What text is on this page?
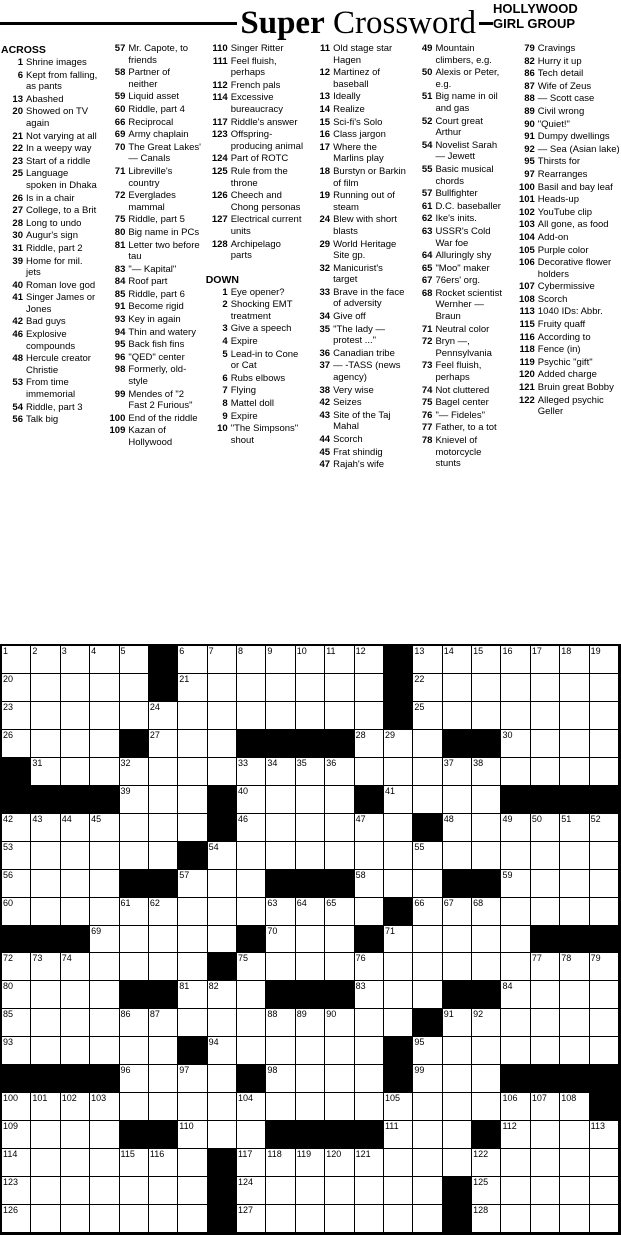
Super Crossword HOLLYWOOD
GIRL GROUP
ACROSS
1 Shrine images
6 Kept from falling, as pants
13 Abashed
20 Showed on TV again
21 Not varying at all
22 In a weepy way
23 Start of a riddle
25 Language spoken in Dhaka
26 Is in a chair
27 College, to a Brit
28 Long to undo
30 Augur's sign
31 Riddle, part 2
39 Home for mil. jets
40 Roman love god
41 Singer James or Jones
42 Bad guys
46 Explosive compounds
48 Hercule creator Christie
53 From time immemorial
54 Riddle, part 3
56 Talk big
57 Mr. Capote, to friends
58 Partner of neither
59 Liquid asset
60 Riddle, part 4
66 Reciprocal
69 Army chaplain
70 The Great Lakes' — Canals
71 Libreville's country
72 Everglades mammal
75 Riddle, part 5
80 Big name in PCs
81 Letter two before tau
83 "— Kapital"
84 Roof part
85 Riddle, part 6
91 Become rigid
93 Key in again
94 Thin and watery
95 Back fish fins
96 "QED" center
98 Formerly, old-style
99 Mendes of "2 Fast 2 Furious"
100 End of the riddle
109 Kazan of Hollywood
110 Singer Ritter
111 Feel fluish, perhaps
112 French pals
114 Excessive bureaucracy
117 Riddle's answer
123 Offspring-producing animal
124 Part of ROTC
125 Rule from the throne
126 Cheech and Chong personas
127 Electrical current units
128 Archipelago parts
DOWN
1 Eye opener?
2 Shocking EMT treatment
3 Give a speech
4 Expire
5 Lead-in to Cone or Cat
6 Rubs elbows
7 Flying
8 Mattel doll
9 Expire
10 "The Simpsons" shout
11 Old stage star Hagen
12 Martinez of baseball
13 Ideally
14 Realize
15 Sci-fi's Solo
16 Class jargon
17 Where the Marlins play
18 Burstyn or Barkin of film
19 Running out of steam
24 Blew with short blasts
29 World Heritage Site gp.
32 Manicurist's target
33 Brave in the face of adversity
34 Give off
35 "The lady — protest ..."
36 Canadian tribe
37 — -TASS (news agency)
38 Very wise
42 Seizes
43 Site of the Taj Mahal
44 Scorch
45 Frat shindig
47 Rajah's wife
49 Mountain climbers, e.g.
50 Alexis or Peter, e.g.
51 Big name in oil and gas
52 Court great Arthur
54 Novelist Sarah — Jewett
55 Basic musical chords
57 Bullfighter
61 D.C. baseballer
62 Ike's inits.
63 USSR's Cold War foe
64 Alluringly shy
65 "Moo" maker
67 76ers' org.
68 Rocket scientist Wernher — Braun
71 Neutral color
72 Bryn —, Pennsylvania
73 Feel fluish, perhaps
74 Not cluttered
75 Bagel center
76 "— Fideles"
77 Father, to a tot
78 Knievel of motorcycle stunts
79 Cravings
82 Hurry it up
86 Tech detail
87 Wife of Zeus
88 — Scott case
89 Civil wrong
90 "Quiet!"
91 Dumpy dwellings
92 — Sea (Asian lake)
95 Thirsts for
97 Rearranges
100 Basil and bay leaf
101 Heads-up
102 YouTube clip
103 All gone, as food
104 Add-on
105 Purple color
106 Decorative flower holders
107 Cybermissive
108 Scorch
113 1040 IDs: Abbr.
115 Fruity quaff
116 According to
118 Fence (in)
119 Psychic "gift"
120 Added charge
121 Bruin great Bobby
122 Alleged psychic Geller
1	2	3	4	5	6	7	8	9	10 11 12	13 14 15 16 17 18 19
20	21	22
23	24	25
26	27	28 29	30
31	32	33 34 35 36	37 38
39	40	41
42 43 44 45	46	47	48	49 50 51 52
53	54	55
56	57	58	59
60	61 62	63 64 65	66 67 68
69	70	71
72 73 74	75	76	77 78 79
80	81 82	83	84
85	86 87	88 89 90	91 92
93	94	95
96	97	98	99
100 101 102 103	104	105	106 107 108
109	110	111	112	113
114	115 116	117 118 119 120 121	122
123	124	125
126	127	128
